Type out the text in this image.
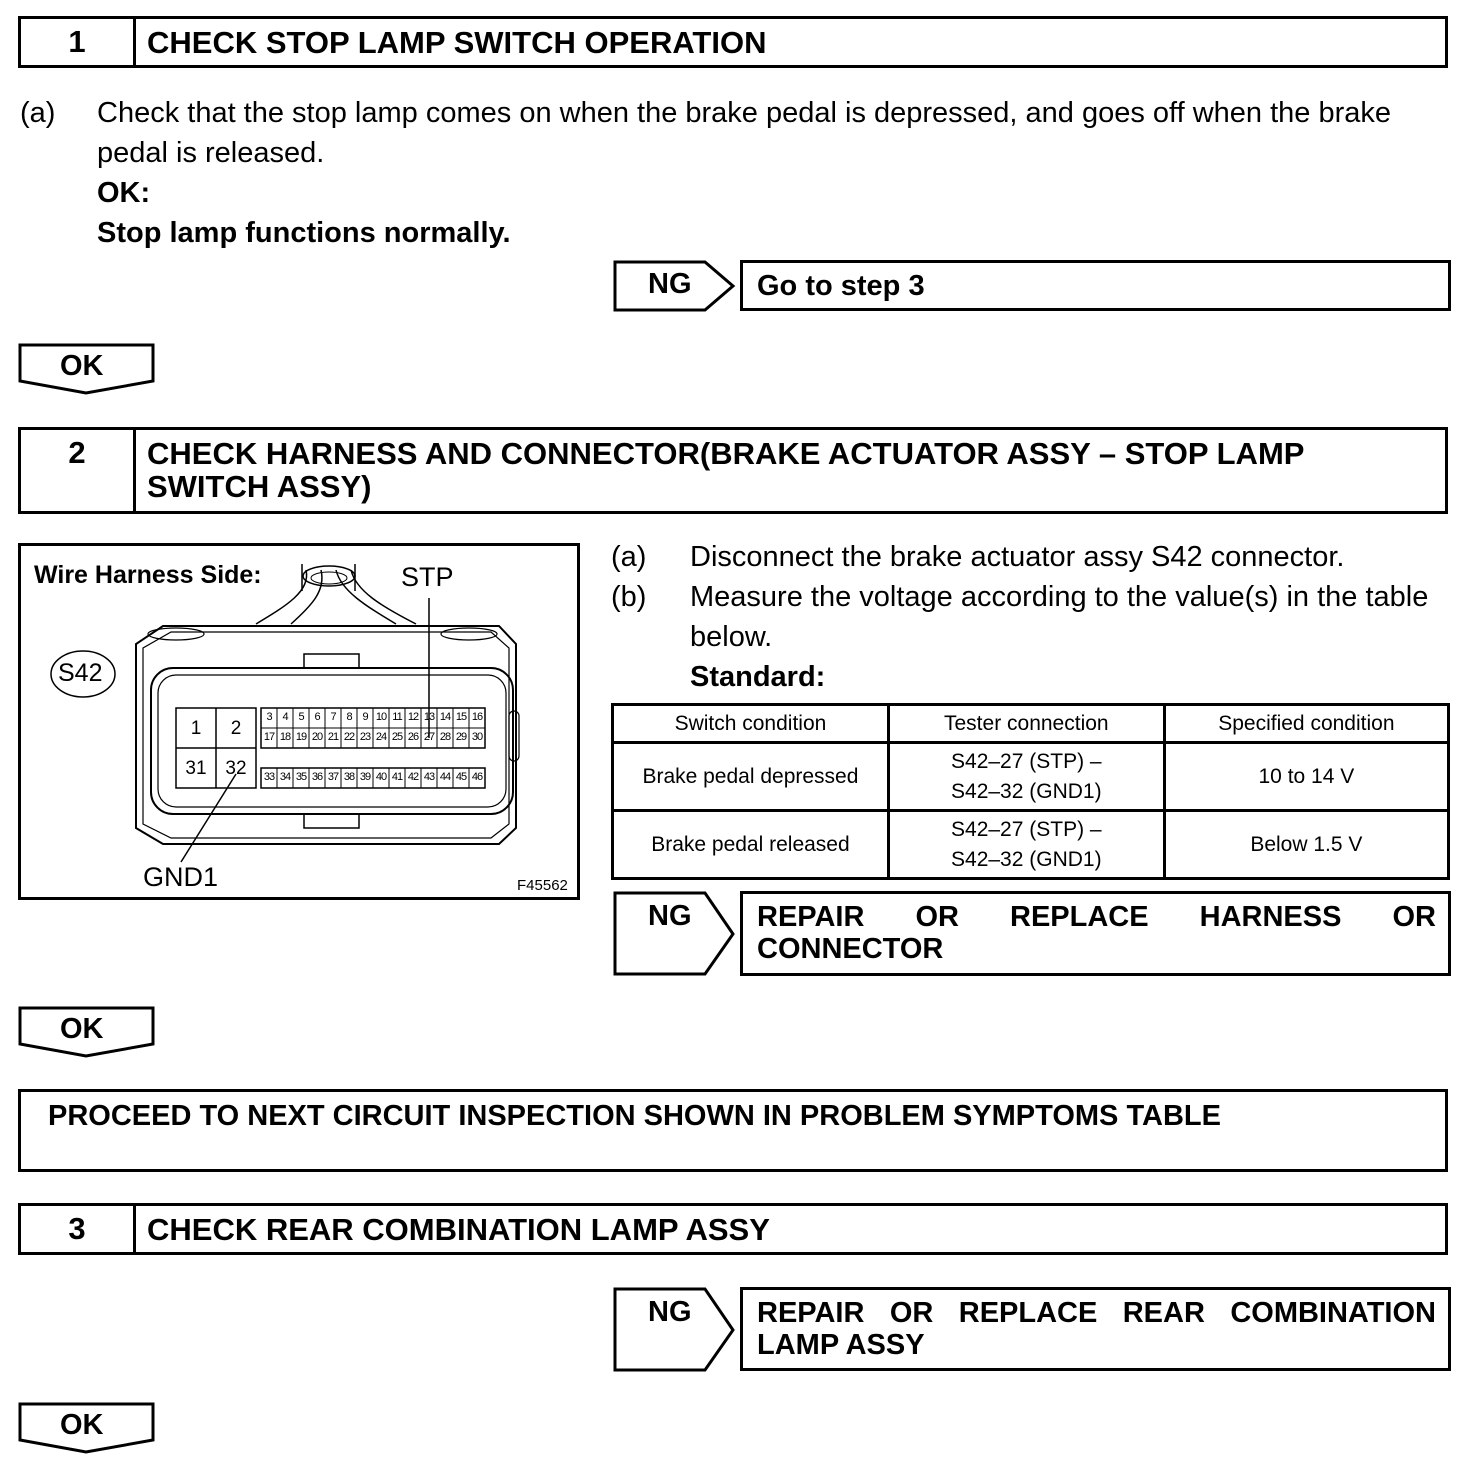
1	CHECK STOP LAMP SWITCH OPERATION
(a) Check that the stop lamp comes on when the brake pedal is depressed, and goes off when the brake
pedal is released.
OK:
Stop lamp functions normally.
NG Go to step 3
OK
2	CHECK HARNESS AND CONNECTOR(BRAKE ACTUATOR ASSY – STOP LAMP
SWITCH ASSY)
Wire Harness Side:	STP
S42
GND1	F45562
1	2
31 32
3 4 5 6 7 8 9 10 11 12 13 14 15 16
17 18 19 20 21 22 23 24 25 26 27 28 29 30
33 34 35 36 37 38 39 40 41 42 43 44 45 46
(a) Disconnect the brake actuator assy S42 connector.
(b) Measure the voltage according to the value(s) in the table
below.
Standard:
Switch condition	Tester connection	Specified condition
Brake pedal depressed	S42–27 (STP) –
S42–32 (GND1)	10 to 14 V
Brake pedal released	S42–27 (STP) –
S42–32 (GND1)	Below 1.5 V
NG REPAIR OR REPLACE HARNESS OR
CONNECTOR
OK
PROCEED TO NEXT CIRCUIT INSPECTION SHOWN IN PROBLEM SYMPTOMS TABLE
3	CHECK REAR COMBINATION LAMP ASSY
NG REPAIR OR REPLACE REAR COMBINATION
LAMP ASSY
OK
